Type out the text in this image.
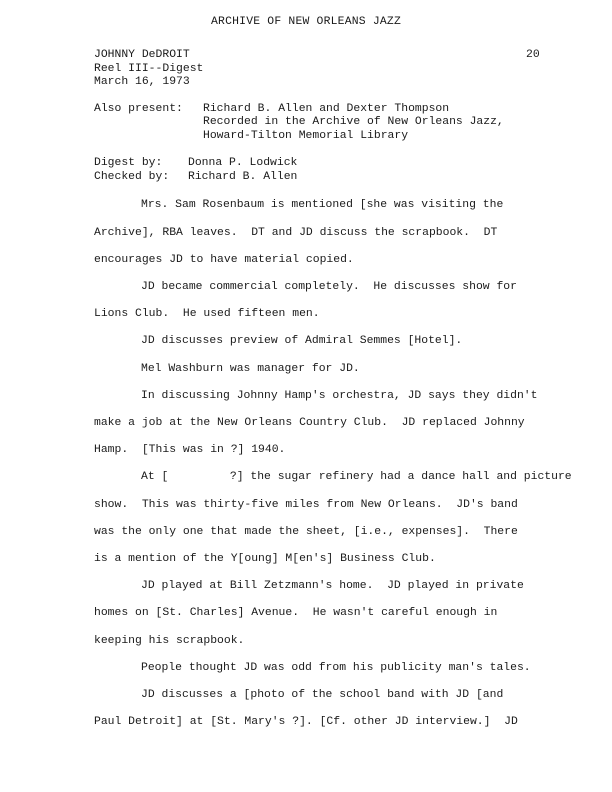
ARCHIVE OF NEW ORLEANS JAZZ
20
JOHNNY DeDROIT
Reel III--Digest
March 16, 1973
Also present: Richard B. Allen and Dexter Thompson
Recorded in the Archive of New Orleans Jazz,
Howard-Tilton Memorial Library
Digest by: Donna P. Lodwick
Checked by: Richard B. Allen
Mrs. Sam Rosenbaum is mentioned [she was visiting the
Archive], RBA leaves.  DT and JD discuss the scrapbook.  DT
encourages JD to have material copied.
JD became commercial completely.  He discusses show for
Lions Club.  He used fifteen men.
JD discusses preview of Admiral Semmes [Hotel].
Mel Washburn was manager for JD.
In discussing Johnny Hamp's orchestra, JD says they didn't
make a job at the New Orleans Country Club.  JD replaced Johnny
Hamp.  [This was in ?] 1940.
At [         ?] the sugar refinery had a dance hall and picture
show.  This was thirty-five miles from New Orleans.  JD's band
was the only one that made the sheet, [i.e., expenses].  There
is a mention of the Y[oung] M[en's] Business Club.
JD played at Bill Zetzmann's home.  JD played in private
homes on [St. Charles] Avenue.  He wasn't careful enough in
keeping his scrapbook.
People thought JD was odd from his publicity man's tales.
JD discusses a [photo of the school band with JD [and
Paul Detroit] at [St. Mary's ?]. [Cf. other JD interview.]  JD
